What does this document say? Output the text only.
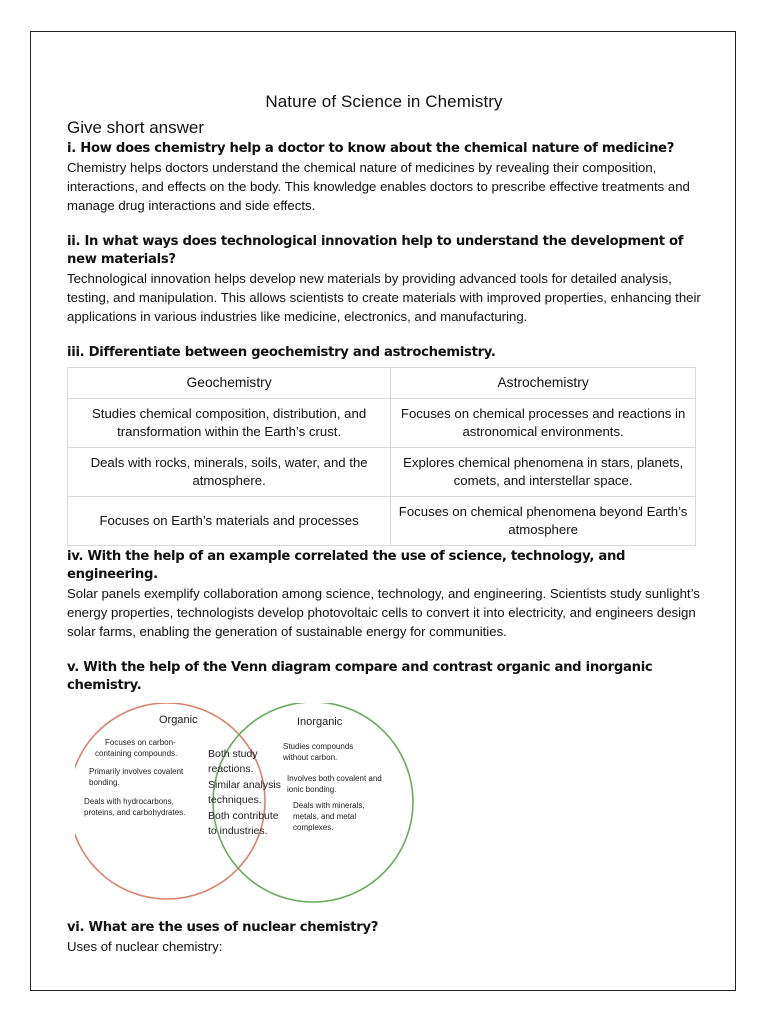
Nature of Science in Chemistry
Give short answer

i. How does chemistry help a doctor to know about the chemical nature of medicine?

Chemistry helps doctors understand the chemical nature of medicines by revealing their composition, interactions, and effects on the body. This knowledge enables doctors to prescribe effective treatments and manage drug interactions and side effects.

ii. In what ways does technological innovation help to understand the development of new materials?

Technological innovation helps develop new materials by providing advanced tools for detailed analysis, testing, and manipulation. This allows scientists to create materials with improved properties, enhancing their applications in various industries like medicine, electronics, and manufacturing.

iii. Differentiate between geochemistry and astrochemistry.

Geochemistry	Astrochemistry
Studies chemical composition, distribution, and transformation within the Earth’s crust.	Focuses on chemical processes and reactions in astronomical environments.
Deals with rocks, minerals, soils, water, and the atmosphere.	Explores chemical phenomena in stars, planets, comets, and interstellar space.
Focuses on Earth’s materials and processes	Focuses on chemical phenomena beyond Earth’s atmosphere

iv. With the help of an example correlated the use of science, technology, and engineering.

Solar panels exemplify collaboration among science, technology, and engineering. Scientists study sunlight’s energy properties, technologists develop photovoltaic cells to convert it into electricity, and engineers design solar farms, enabling the generation of sustainable energy for communities.

v. With the help of the Venn diagram compare and contrast organic and inorganic chemistry.

Organic	Inorganic
Focuses on carbon-
containing compounds.
Primarily involves covalent
bonding.
Deals with hydrocarbons,
proteins, and carbohydrates.
Both study
reactions.
Similar analysis
techniques.
Both contribute
to industries.
Studies compounds
without carbon.
Involves both covalent and
ionic bonding.
Deals with minerals,
metals, and metal
complexes.

vi. What are the uses of nuclear chemistry?

Uses of nuclear chemistry:
